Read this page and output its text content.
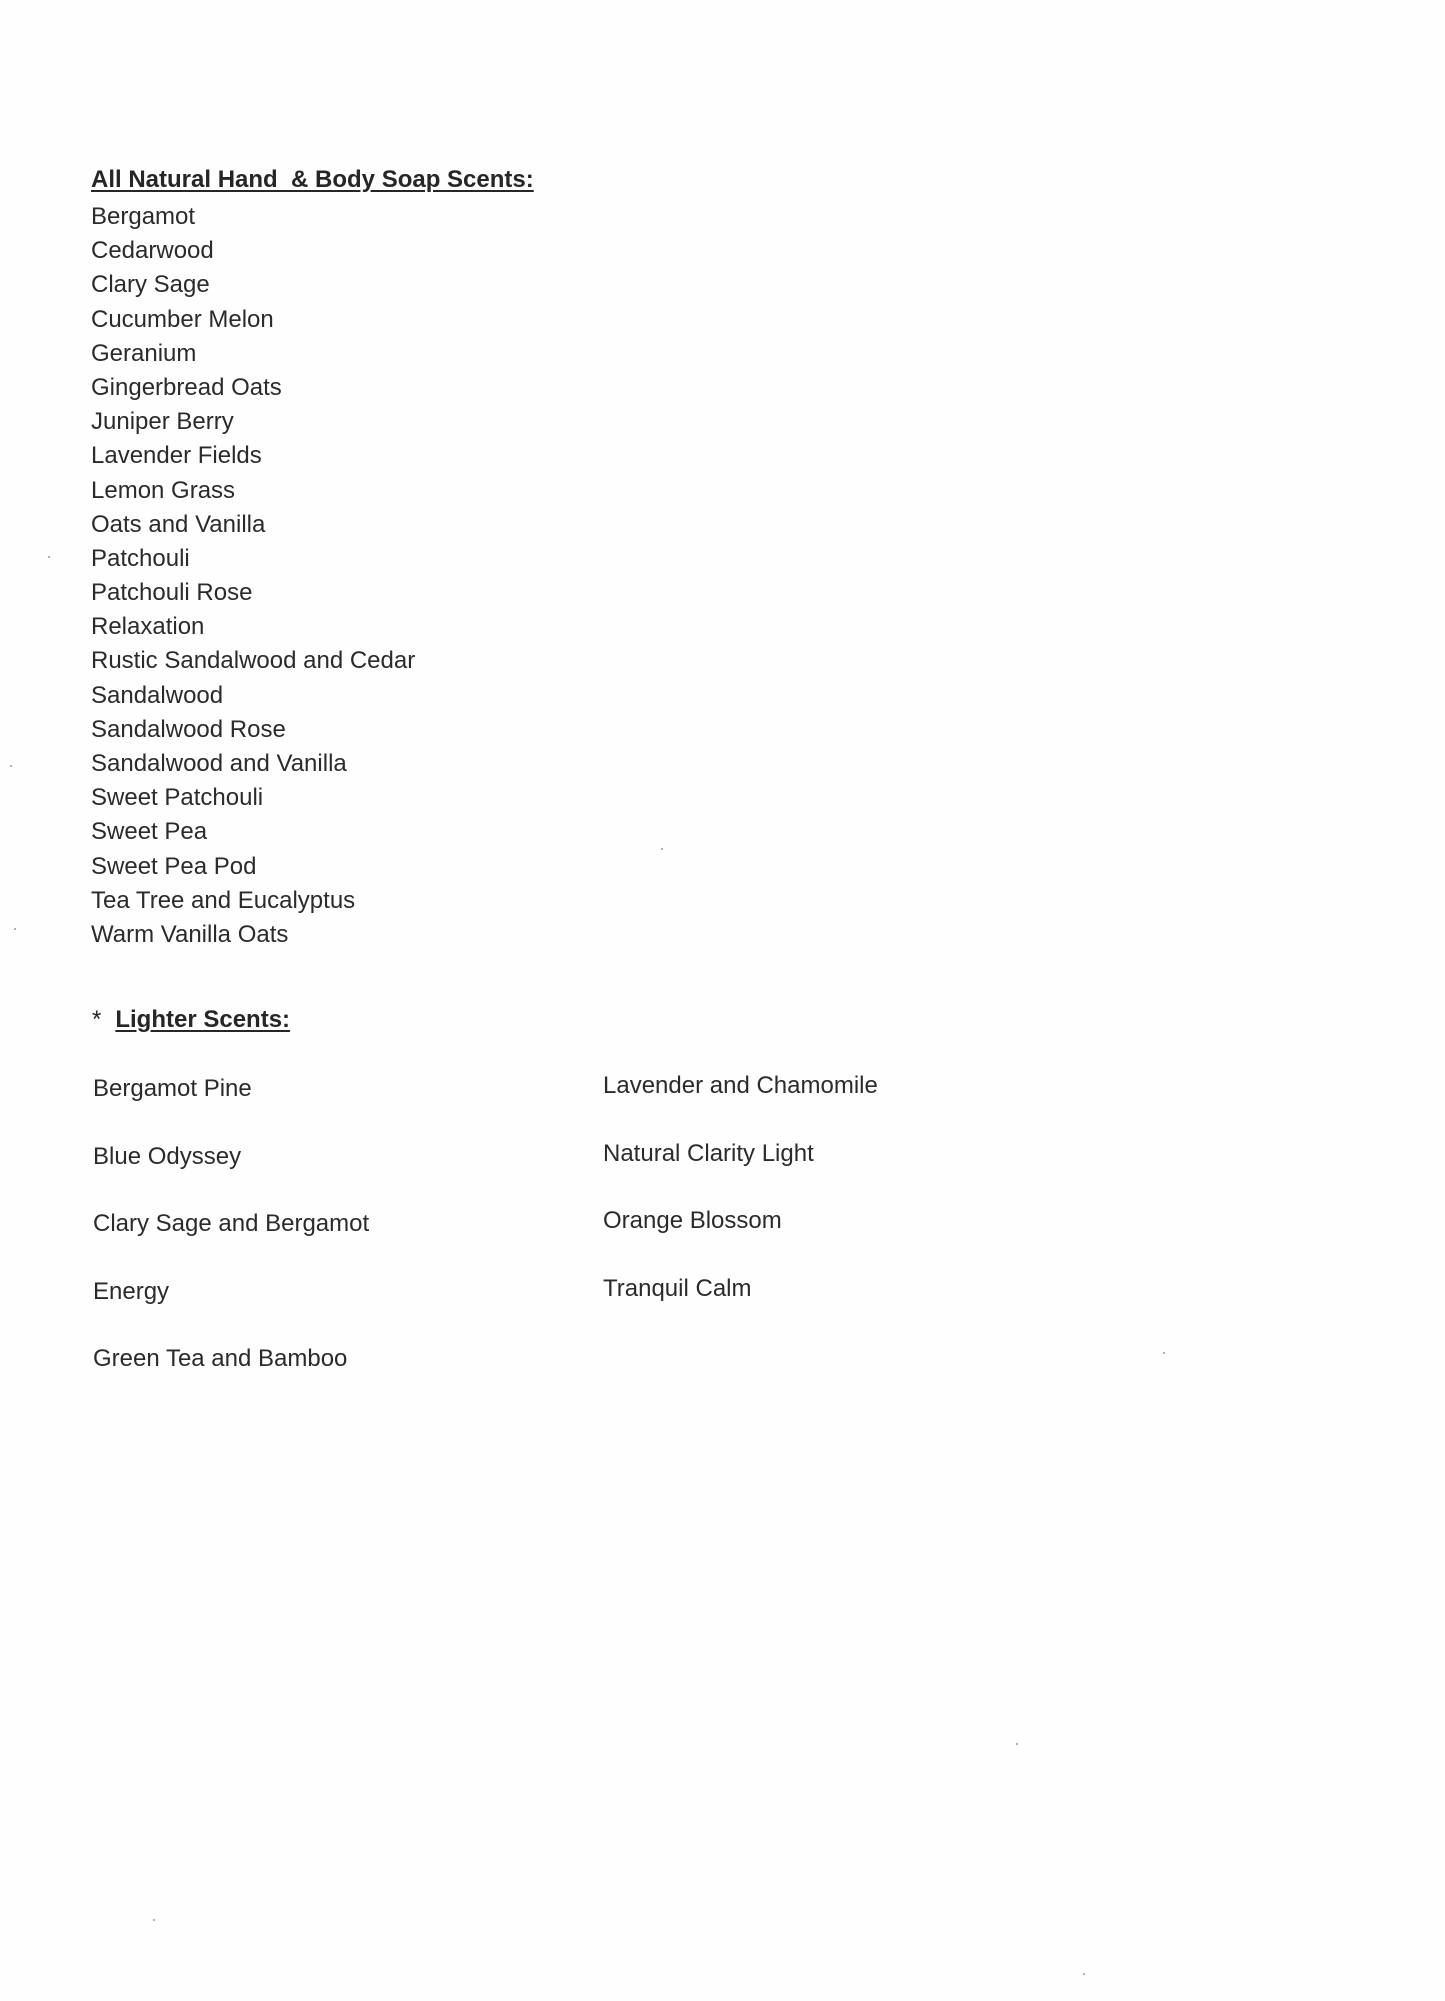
All Natural Hand  & Body Soap Scents:
Bergamot
Cedarwood
Clary Sage
Cucumber Melon
Geranium
Gingerbread Oats
Juniper Berry
Lavender Fields
Lemon Grass
Oats and Vanilla
Patchouli
Patchouli Rose
Relaxation
Rustic Sandalwood and Cedar
Sandalwood
Sandalwood Rose
Sandalwood and Vanilla
Sweet Patchouli
Sweet Pea
Sweet Pea Pod
Tea Tree and Eucalyptus
Warm Vanilla Oats
* Lighter Scents:
Bergamot Pine
Blue Odyssey
Clary Sage and Bergamot
Energy
Green Tea and Bamboo
Lavender and Chamomile
Natural Clarity Light
Orange Blossom
Tranquil Calm
